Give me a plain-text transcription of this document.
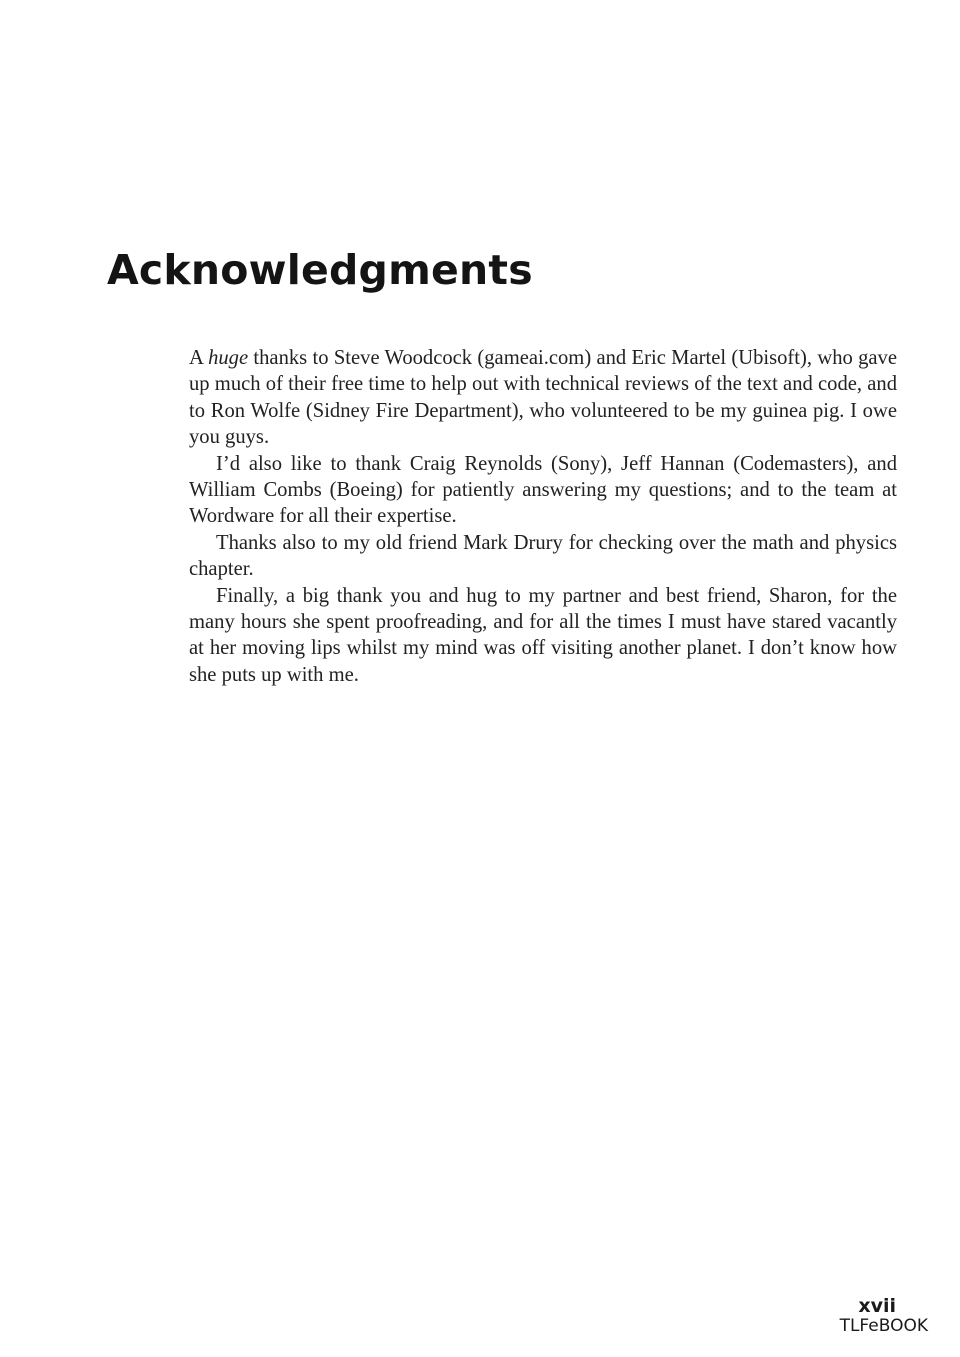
Acknowledgments

A huge thanks to Steve Woodcock (gameai.com) and Eric Martel (Ubisoft), who gave up much of their free time to help out with technical reviews of the text and code, and to Ron Wolfe (Sidney Fire Department), who volunteered to be my guinea pig. I owe you guys.

I’d also like to thank Craig Reynolds (Sony), Jeff Hannan (Codemasters), and William Combs (Boeing) for patiently answering my questions; and to the team at Wordware for all their expertise.

Thanks also to my old friend Mark Drury for checking over the math and physics chapter.

Finally, a big thank you and hug to my partner and best friend, Sharon, for the many hours she spent proofreading, and for all the times I must have stared vacantly at her moving lips whilst my mind was off visiting another planet. I don’t know how she puts up with me.

xvii
TLFeBOOK
